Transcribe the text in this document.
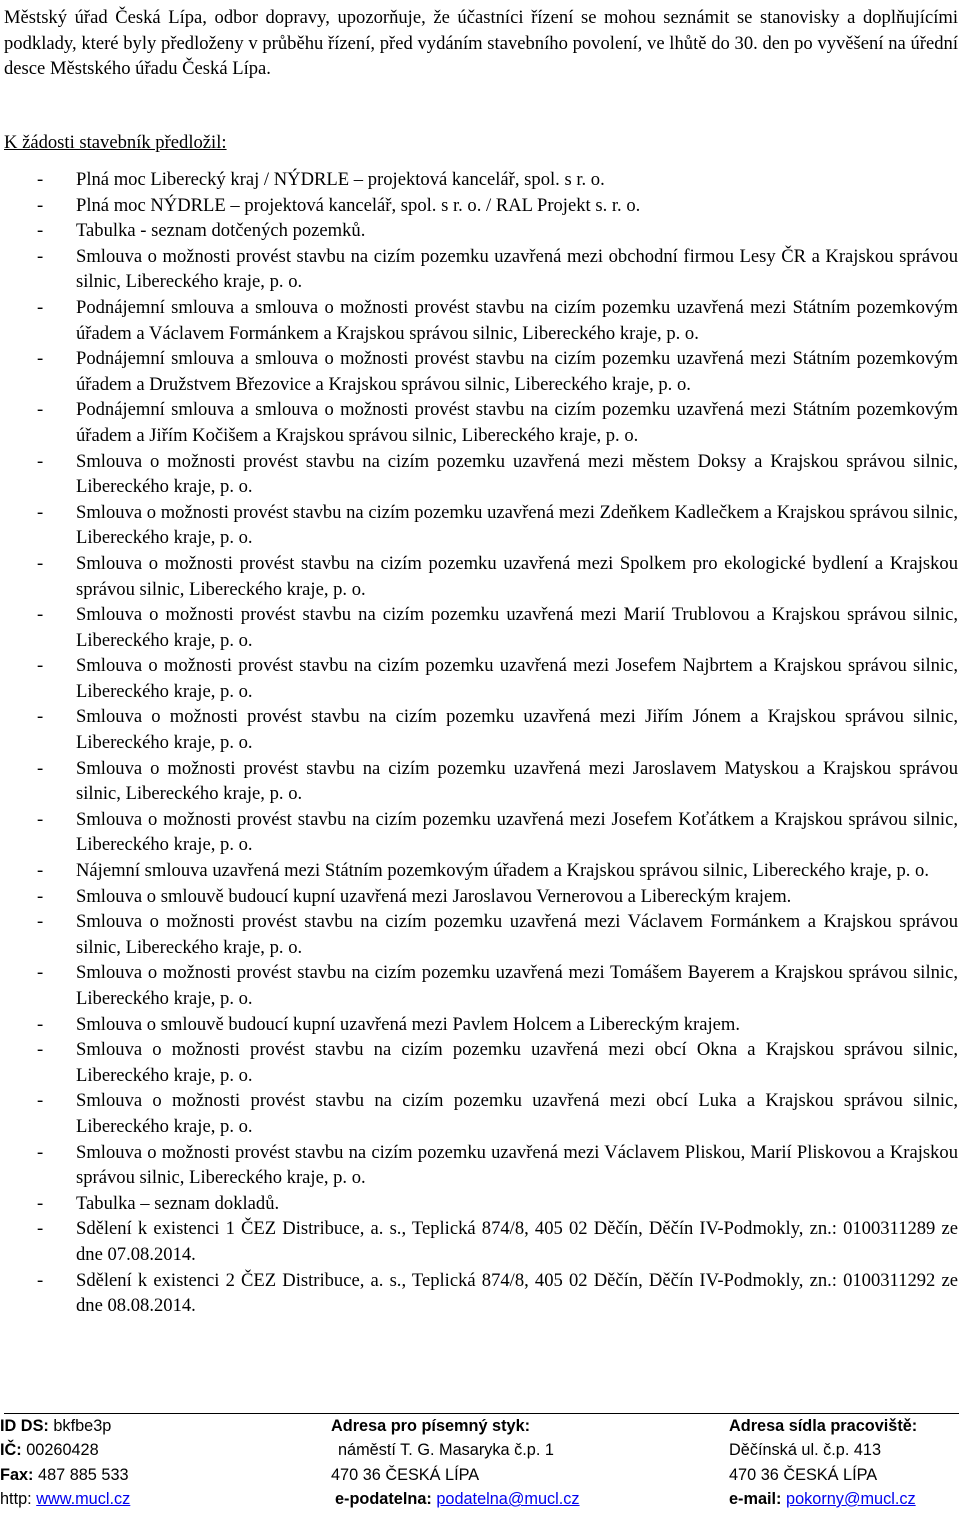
Městský úřad Česká Lípa, odbor dopravy, upozorňuje, že účastníci řízení se mohou seznámit se stanovisky a doplňujícími podklady, které byly předloženy v průběhu řízení, před vydáním stavebního povolení, ve lhůtě do 30. den po vyvěšení na úřední desce Městského úřadu Česká Lípa.
K žádosti stavebník předložil:
- Plná moc Liberecký kraj / NÝDRLE – projektová kancelář, spol. s r. o.
- Plná moc NÝDRLE – projektová kancelář, spol. s r. o. / RAL Projekt s. r. o.
- Tabulka - seznam dotčených pozemků.
- Smlouva o možnosti provést stavbu na cizím pozemku uzavřená mezi obchodní firmou Lesy ČR a Krajskou správou silnic, Libereckého kraje, p. o.
- Podnájemní smlouva a smlouva o možnosti provést stavbu na cizím pozemku uzavřená mezi Státním pozemkovým úřadem a Václavem Formánkem a Krajskou správou silnic, Libereckého kraje, p. o.
- Podnájemní smlouva a smlouva o možnosti provést stavbu na cizím pozemku uzavřená mezi Státním pozemkovým úřadem a Družstvem Březovice a Krajskou správou silnic, Libereckého kraje, p. o.
- Podnájemní smlouva a smlouva o možnosti provést stavbu na cizím pozemku uzavřená mezi Státním pozemkovým úřadem a Jiřím Kočišem a Krajskou správou silnic, Libereckého kraje, p. o.
- Smlouva o možnosti provést stavbu na cizím pozemku uzavřená mezi městem Doksy a Krajskou správou silnic, Libereckého kraje, p. o.
- Smlouva o možnosti provést stavbu na cizím pozemku uzavřená mezi Zdeňkem Kadlečkem a Krajskou správou silnic, Libereckého kraje, p. o.
- Smlouva o možnosti provést stavbu na cizím pozemku uzavřená mezi Spolkem pro ekologické bydlení a Krajskou správou silnic, Libereckého kraje, p. o.
- Smlouva o možnosti provést stavbu na cizím pozemku uzavřená mezi Marií Trublovou a Krajskou správou silnic, Libereckého kraje, p. o.
- Smlouva o možnosti provést stavbu na cizím pozemku uzavřená mezi Josefem Najbrtem a Krajskou správou silnic, Libereckého kraje, p. o.
- Smlouva o možnosti provést stavbu na cizím pozemku uzavřená mezi Jiřím Jónem a Krajskou správou silnic, Libereckého kraje, p. o.
- Smlouva o možnosti provést stavbu na cizím pozemku uzavřená mezi Jaroslavem Matyskou a Krajskou správou silnic, Libereckého kraje, p. o.
- Smlouva o možnosti provést stavbu na cizím pozemku uzavřená mezi Josefem Koťátkem a Krajskou správou silnic, Libereckého kraje, p. o.
- Nájemní smlouva uzavřená mezi Státním pozemkovým úřadem a Krajskou správou silnic, Libereckého kraje, p. o.
- Smlouva o smlouvě budoucí kupní uzavřená mezi Jaroslavou Vernerovou a Libereckým krajem.
- Smlouva o možnosti provést stavbu na cizím pozemku uzavřená mezi Václavem Formánkem a Krajskou správou silnic, Libereckého kraje, p. o.
- Smlouva o možnosti provést stavbu na cizím pozemku uzavřená mezi Tomášem Bayerem a Krajskou správou silnic, Libereckého kraje, p. o.
- Smlouva o smlouvě budoucí kupní uzavřená mezi Pavlem Holcem a Libereckým krajem.
- Smlouva o možnosti provést stavbu na cizím pozemku uzavřená mezi obcí Okna a Krajskou správou silnic, Libereckého kraje, p. o.
- Smlouva o možnosti provést stavbu na cizím pozemku uzavřená mezi obcí Luka a Krajskou správou silnic, Libereckého kraje, p. o.
- Smlouva o možnosti provést stavbu na cizím pozemku uzavřená mezi Václavem Pliskou, Marií Pliskovou a Krajskou správou silnic, Libereckého kraje, p. o.
- Tabulka – seznam dokladů.
- Sdělení k existenci 1 ČEZ Distribuce, a. s., Teplická 874/8, 405 02 Děčín, Děčín IV-Podmokly, zn.: 0100311289 ze dne 07.08.2014.
- Sdělení k existenci 2 ČEZ Distribuce, a. s., Teplická 874/8, 405 02 Děčín, Děčín IV-Podmokly, zn.: 0100311292 ze dne 08.08.2014.
ID DS: bkfbe3p	Adresa pro písemný styk:	Adresa sídla pracoviště:
IČ: 00260428	náměstí T. G. Masaryka č.p. 1	Děčínská ul. č.p. 413
Fax: 487 885 533	470 36 ČESKÁ LÍPA	470 36 ČESKÁ LÍPA
http: www.mucl.cz	e-podatelna: podatelna@mucl.cz	e-mail: pokorny@mucl.cz
